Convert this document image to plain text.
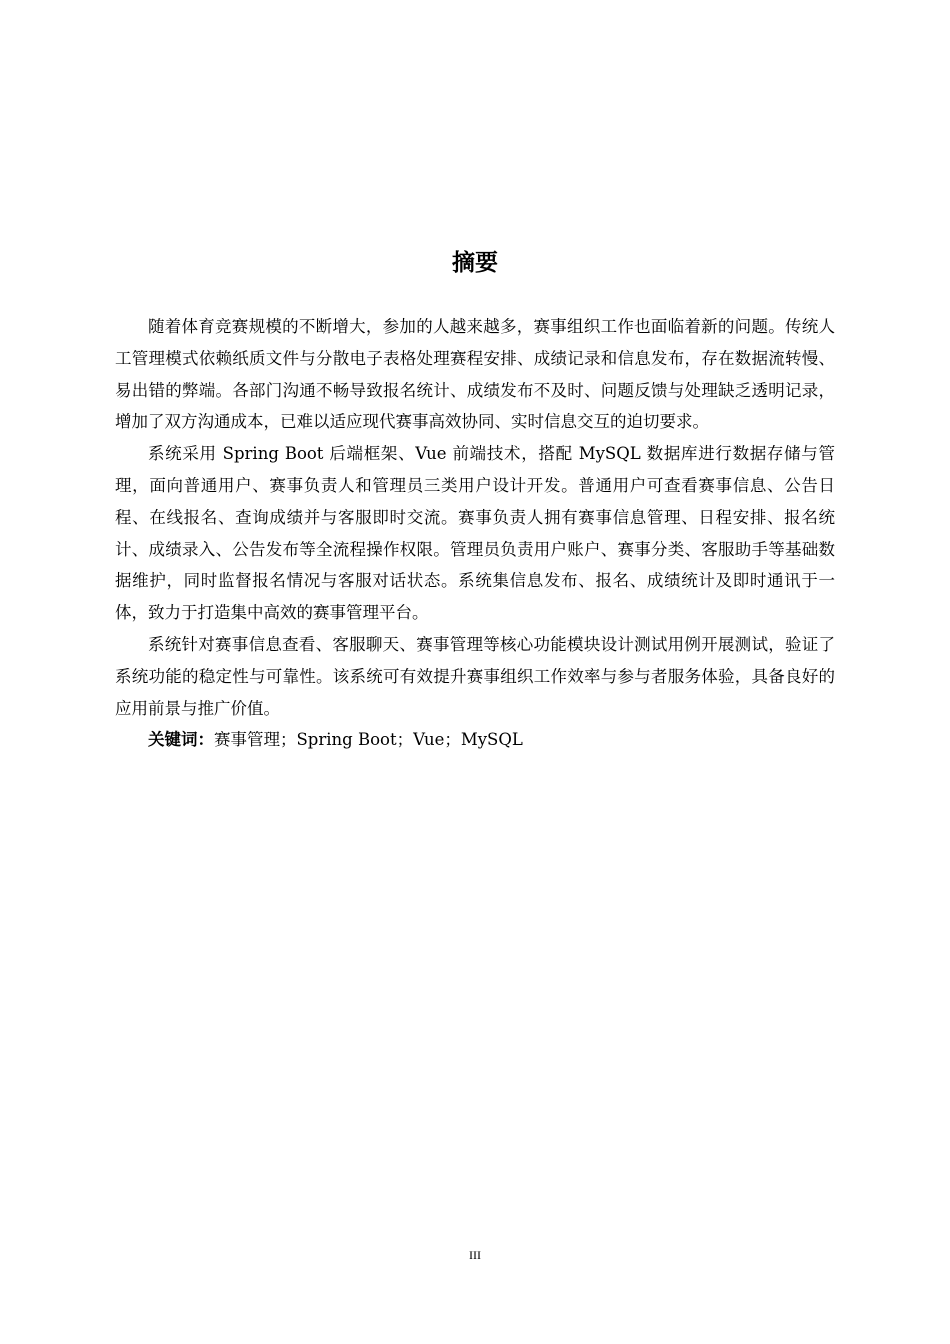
摘要

随着体育竞赛规模的不断增大，参加的人越来越多，赛事组织工作也面临着新的问题。传统人工管理模式依赖纸质文件与分散电子表格处理赛程安排、成绩记录和信息发布，存在数据流转慢、易出错的弊端。各部门沟通不畅导致报名统计、成绩发布不及时、问题反馈与处理缺乏透明记录，增加了双方沟通成本，已难以适应现代赛事高效协同、实时信息交互的迫切要求。

系统采用 Spring Boot 后端框架、Vue 前端技术，搭配 MySQL 数据库进行数据存储与管理，面向普通用户、赛事负责人和管理员三类用户设计开发。普通用户可查看赛事信息、公告日程、在线报名、查询成绩并与客服即时交流。赛事负责人拥有赛事信息管理、日程安排、报名统计、成绩录入、公告发布等全流程操作权限。管理员负责用户账户、赛事分类、客服助手等基础数据维护，同时监督报名情况与客服对话状态。系统集信息发布、报名、成绩统计及即时通讯于一体，致力于打造集中高效的赛事管理平台。

系统针对赛事信息查看、客服聊天、赛事管理等核心功能模块设计测试用例开展测试，验证了系统功能的稳定性与可靠性。该系统可有效提升赛事组织工作效率与参与者服务体验，具备良好的应用前景与推广价值。

关键词：赛事管理；Spring Boot；Vue；MySQL

III
